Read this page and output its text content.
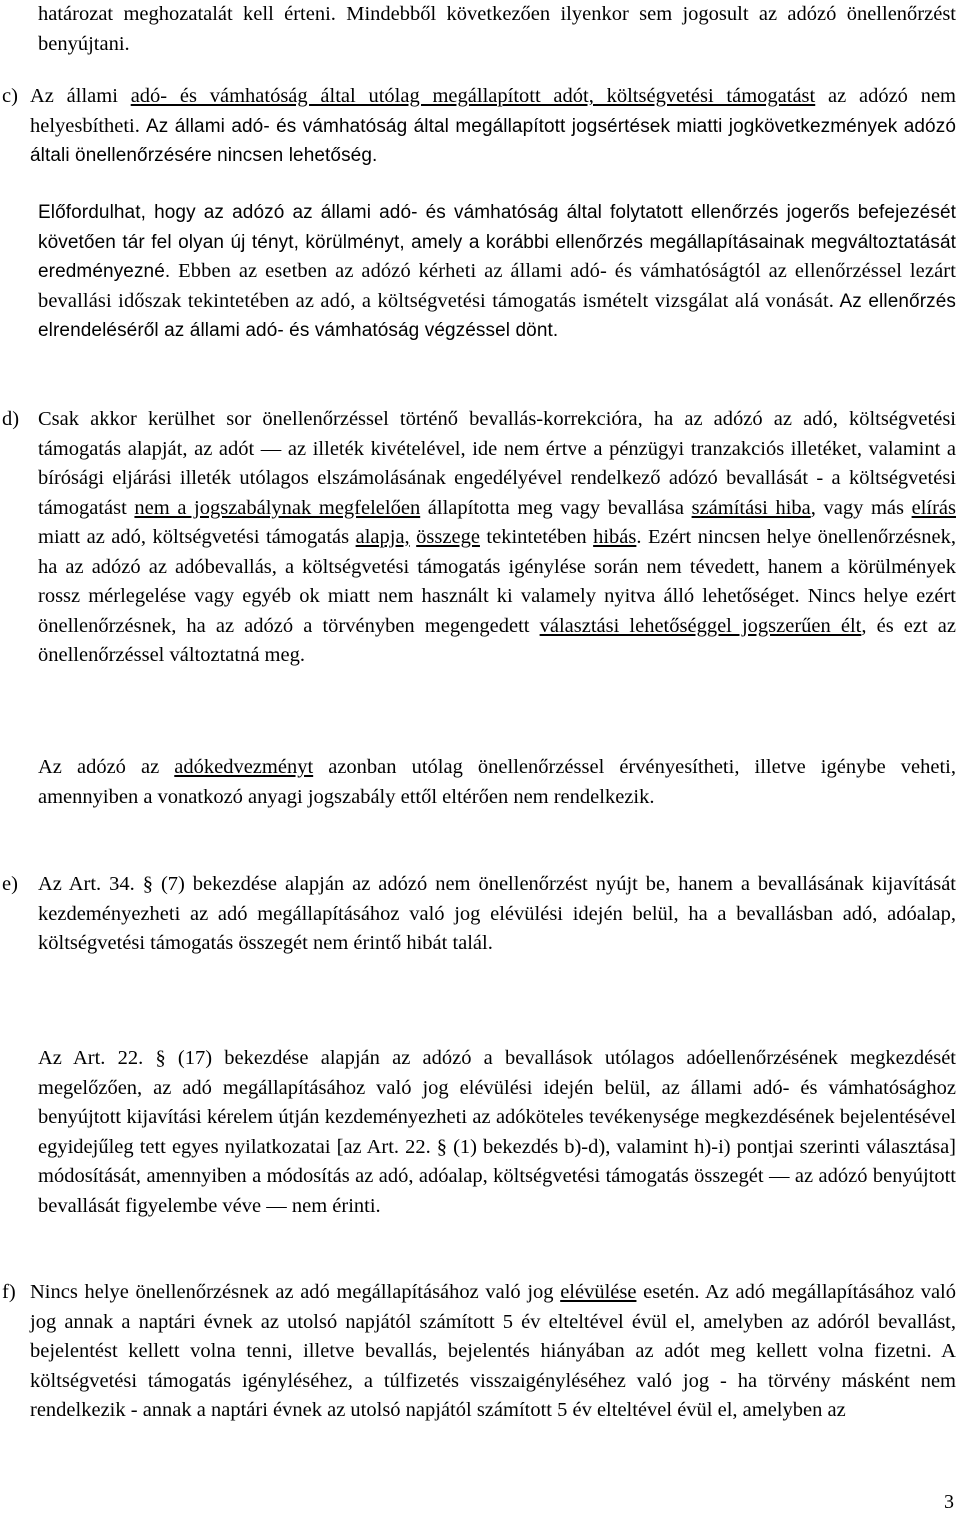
határozat meghozatalát kell érteni. Mindebből következően ilyenkor sem jogosult az adózó önellenőrzést benyújtani.

c) Az állami adó- és vámhatóság által utólag megállapított adót, költségvetési támogatást az adózó nem helyesbítheti. Az állami adó- és vámhatóság által megállapított jogsértések miatti jogkövetkezmények adózó általi önellenőrzésére nincsen lehetőség.

Előfordulhat, hogy az adózó az állami adó- és vámhatóság által folytatott ellenőrzés jogerős befejezését követően tár fel olyan új tényt, körülményt, amely a korábbi ellenőrzés megállapításainak megváltoztatását eredményezné. Ebben az esetben az adózó kérheti az állami adó- és vámhatóságtól az ellenőrzéssel lezárt bevallási időszak tekintetében az adó, a költségvetési támogatás ismételt vizsgálat alá vonását. Az ellenőrzés elrendeléséről az állami adó- és vámhatóság végzéssel dönt.

d) Csak akkor kerülhet sor önellenőrzéssel történő bevallás-korrekcióra, ha az adózó az adó, költségvetési támogatás alapját, az adót ― az illeték kivételével, ide nem értve a pénzügyi tranzakciós illetéket, valamint a bírósági eljárási illeték utólagos elszámolásának engedélyével rendelkező adózó bevallását - a költségvetési támogatást nem a jogszabálynak megfelelően állapította meg vagy bevallása számítási hiba, vagy más elírás miatt az adó, költségvetési támogatás alapja, összege tekintetében hibás. Ezért nincsen helye önellenőrzésnek, ha az adózó az adóbevallás, a költségvetési támogatás igénylése során nem tévedett, hanem a körülmények rossz mérlegelése vagy egyéb ok miatt nem használt ki valamely nyitva álló lehetőséget. Nincs helye ezért önellenőrzésnek, ha az adózó a törvényben megengedett választási lehetőséggel jogszerűen élt, és ezt az önellenőrzéssel változtatná meg.

Az adózó az adókedvezményt azonban utólag önellenőrzéssel érvényesítheti, illetve igénybe veheti, amennyiben a vonatkozó anyagi jogszabály ettől eltérően nem rendelkezik.

e) Az Art. 34. § (7) bekezdése alapján az adózó nem önellenőrzést nyújt be, hanem a bevallásának kijavítását kezdeményezheti az adó megállapításához való jog elévülési idején belül, ha a bevallásban adó, adóalap, költségvetési támogatás összegét nem érintő hibát talál.

Az Art. 22. § (17) bekezdése alapján az adózó a bevallások utólagos adóellenőrzésének megkezdését megelőzően, az adó megállapításához való jog elévülési idején belül, az állami adó- és vámhatósághoz benyújtott kijavítási kérelem útján kezdeményezheti az adóköteles tevékenysége megkezdésének bejelentésével egyidejűleg tett egyes nyilatkozatai [az Art. 22. § (1) bekezdés b)-d), valamint h)-i) pontjai szerinti választása] módosítását, amennyiben a módosítás az adó, adóalap, költségvetési támogatás összegét ― az adózó benyújtott bevallását figyelembe véve ― nem érinti.

f) Nincs helye önellenőrzésnek az adó megállapításához való jog elévülése esetén. Az adó megállapításához való jog annak a naptári évnek az utolsó napjától számított 5 év elteltével évül el, amelyben az adóról bevallást, bejelentést kellett volna tenni, illetve bevallás, bejelentés hiányában az adót meg kellett volna fizetni. A költségvetési támogatás igényléséhez, a túlfizetés visszaigényléséhez való jog - ha törvény másként nem rendelkezik - annak a naptári évnek az utolsó napjától számított 5 év elteltével évül el, amelyben az

3
